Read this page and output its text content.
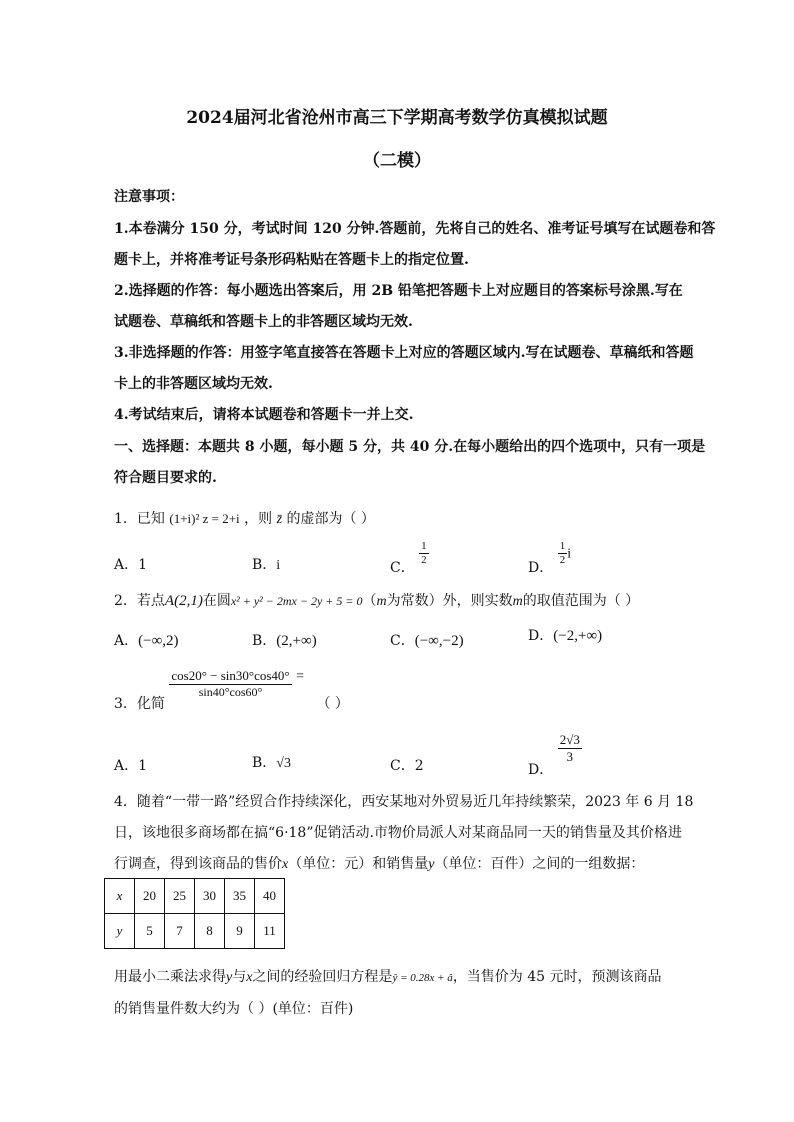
2024届河北省沧州市高三下学期高考数学仿真模拟试题
（二模）
注意事项：
1.本卷满分 150 分，考试时间 120 分钟.答题前，先将自己的姓名、准考证号填写在试题卷和答
题卡上，并将准考证号条形码粘贴在答题卡上的指定位置.
2.选择题的作答：每小题选出答案后，用 2B 铅笔把答题卡上对应题目的答案标号涂黑.写在
试题卷、草稿纸和答题卡上的非答题区域均无效.
3.非选择题的作答：用签字笔直接答在答题卡上对应的答题区域内.写在试题卷、草稿纸和答题
卡上的非答题区域均无效.
4.考试结束后，请将本试题卷和答题卡一并上交.
一、选择题：本题共 8 小题，每小题 5 分，共 40 分.在每小题给出的四个选项中，只有一项是
符合题目要求的.
1．已知 (1+i)² z = 2+i ，则 z̄ 的虚部为（ ）
A．1	B．i	C．
$\frac{1}{2}$
D．
$\frac{1}{2}$ i
2．若点A(2,1)在圆x² + y² − 2mx − 2y + 5 = 0（m为常数）外，则实数m的取值范围为（ ）
A．(−∞,2)	B．(2,+∞)	C．(−∞,−2)	D．(−2,+∞)
3．化简
$\frac{\cos 20^\circ - \sin 30^\circ\cos 40^\circ}{\sin 40^\circ\cos 60^\circ}$ = （ ）
A．1	B．√3	C．2	D．
$\frac{2√3}{3}$
4．随着“一带一路”经贸合作持续深化，西安某地对外贸易近几年持续繁荣，2023 年 6 月 18
日，该地很多商场都在搞“6·18”促销活动.市物价局派人对某商品同一天的销售量及其价格进
行调查，得到该商品的售价x（单位：元）和销售量y（单位：百件）之间的一组数据：
x	20	25	30	35	40
y	5	7	8	9	11
用最小二乘法求得y与x之间的经验回归方程是ŷ = 0.28x + â，当售价为 45 元时，预测该商品
的销售量件数大约为（ ）(单位：百件)
